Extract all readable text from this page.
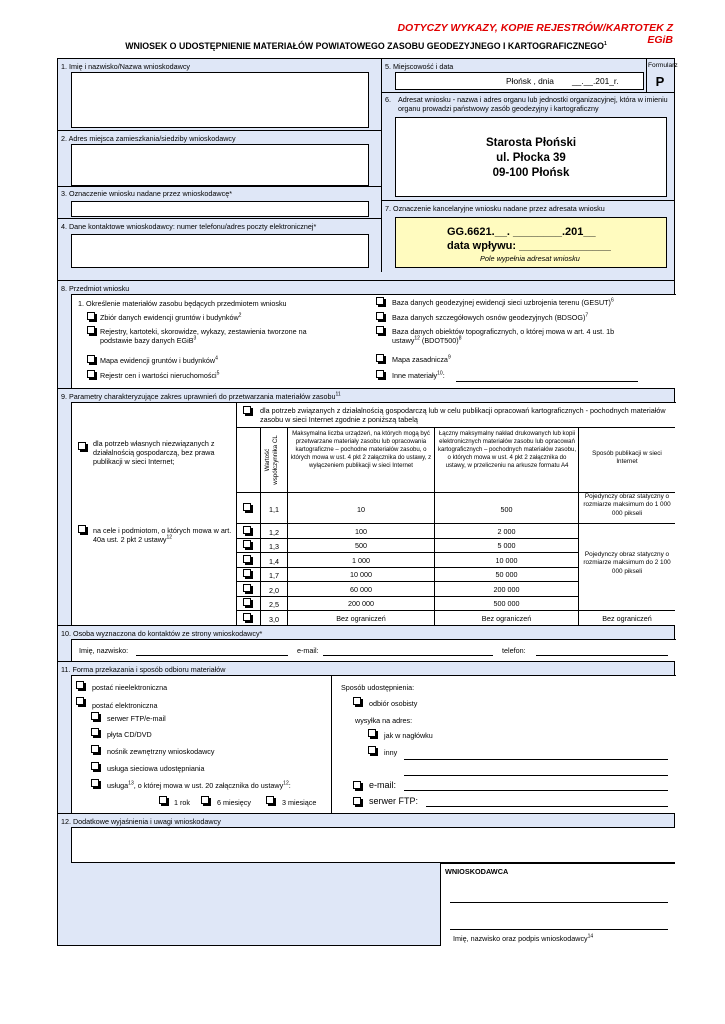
DOTYCZY WYKAZY, KOPIE REJESTRÓW/KARTOTEK Z EGiB
WNIOSEK O UDOSTĘPNIENIE MATERIAŁÓW POWIATOWEGO ZASOBU GEODEZYJNEGO I KARTOGRAFICZNEGO$^1$
1. Imię i nazwisko/Nazwa wnioskodawcy
2. Adres miejsca zamieszkania/siedziby wnioskodawcy
3. Oznaczenie wniosku nadane przez wnioskodawcę*
4. Dane kontaktowe wnioskodawcy: numer telefonu/adres poczty elektronicznej*
5. Miejscowość i data	Formularz
P
Płońsk , dnia __.__.201_r.
6. Adresat wniosku - nazwa i adres organu lub jednostki organizacyjnej, która w imieniu organu prowadzi państwowy zasób geodezyjny i kartograficzny
Starosta Płoński
ul. Płocka 39
09-100 Płońsk
7. Oznaczenie kancelaryjne wniosku nadane przez adresata wniosku
GG.6621.__. ________.201__
data wpływu: _______________
Pole wypełnia adresat wniosku
8. Przedmiot wniosku
1. Określenie materiałów zasobu będących przedmiotem wniosku
Zbiór danych ewidencji gruntów i budynków$^2$
Rejestry, kartoteki, skorowidze, wykazy, zestawienia tworzone na
podstawie bazy danych EGiB$^3$
Mapa ewidencji gruntów i budynków$^4$
Rejestr cen i wartości nieruchomości$^5$
Baza danych geodezyjnej ewidencji sieci uzbrojenia terenu (GESUT)$^6$
Baza danych szczegółowych osnów geodezyjnych (BDSOG)$^7$
Baza danych obiektów topograficznych, o której mowa w art. 4 ust. 1b
ustawy$^{12}$ (BDOT500)$^8$
Mapa zasadnicza$^9$
Inne materiały$^{10}$:
9. Parametry charakteryzujące zakres uprawnień do przetwarzania materiałów zasobu$^{11}$
dla potrzeb własnych niezwiązanych z działalnością gospodarczą, bez prawa publikacji w sieci Internet;
na cele i podmiotom, o których mowa w art. 40a ust. 2 pkt 2 ustawy$^{12}$
dla potrzeb związanych z działalnością gospodarczą lub w celu publikacji opracowań kartograficznych - pochodnych materiałów zasobu w sieci Internet zgodnie z poniższą tabelą
Wartość współczynnika CL
Maksymalna liczba urządzeń, na których mogą być przetwarzane materiały zasobu lub opracowania kartograficzne – pochodne materiałów zasobu, o których mowa w ust. 4 pkt 2 załącznika do ustawy, z wyłączeniem publikacji w sieci Internet
Łączny maksymalny nakład drukowanych lub kopii elektronicznych materiałów zasobu lub opracowań kartograficznych – pochodnych materiałów zasobu, o których mowa w ust. 4 pkt 2 załącznika do ustawy, w przeliczeniu na arkusze formatu A4
Sposób publikacji w sieci Internet
1,1	10	500
Pojedynczy obraz statyczny o rozmiarze maksimum do 1 000 000 pikseli
1,2	100	2 000
1,3	500	5 000
1,4	1 000	10 000
Pojedynczy obraz statyczny o rozmiarze maksimum do 2 100 000 pikseli
1,7	10 000	50 000
2,0	60 000	200 000
2,5	200 000	500 000
3,0	Bez ograniczeń	Bez ograniczeń	Bez ograniczeń
10. Osoba wyznaczona do kontaktów ze strony wnioskodawcy*
Imię, nazwisko:	e-mail:	telefon:
11. Forma przekazania i sposób odbioru materiałów
postać nieelektroniczna
postać elektroniczna
serwer FTP/e-mail
płyta CD/DVD
nośnik zewnętrzny wnioskodawcy
usługa sieciowa udostępniania
usługa$^{13}$, o której mowa w ust. 20 załącznika do ustawy$^{12}$:
1 rok	6 miesięcy	3 miesiące
Sposób udostępnienia:
odbiór osobisty
wysyłka na adres:
jak w nagłówku
inny
e-mail:
serwer FTP:
12. Dodatkowe wyjaśnienia i uwagi wnioskodawcy
WNIOSKODAWCA
Imię, nazwisko oraz podpis wnioskodawcy$^{14}$
